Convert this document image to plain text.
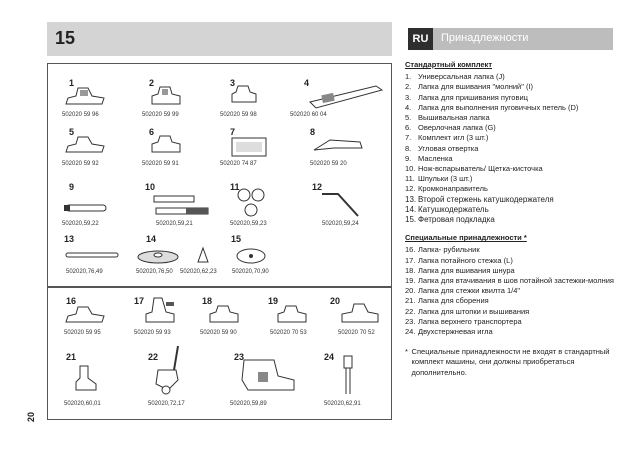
15	RU	Принадлежности
1
502020 59 96
2
502020 59 99
3
502020 59 98
4
502020 60 04
5
502020 59 92
6
502020 59 91
7
502020 74 87
8
502020 59 20
9
502020,59,22
10
502020,59,21
11
502020,59,23
12
502020,59,24
13
502020,76,49
14
502020,76,50 502020,62,23
15
502020,70,90
16
502020 59 95
17
502020 59 93
18
502020 59 90
19
502020 70 53
20
502020 70 52
21
502020,60,01
22
502020,72,17
23
502020,59,89
24
502020,62,91
20
Стандартный комплект
1. Универсальная лапка (J)
2. Лапка для вшивания "молний" (I)
3. Лапка для пришивания пуговиц
4. Лапка для выполнения пуговичных петель (D)
5. Вышивальная лапка
6. Оверлочная лапка (G)
7. Комплект игл (3 шт.)
8. Угловая отвертка
9. Масленка
10. Нож-вспарыватель/ Щетка-кисточка
11. Шпульки (3 шт.)
12. Кромконаправитель
13. Второй стержень катушкодержателя
14. Катушкодержатель
15. Фетровая подкладка
Специальные принадлежности *
16. Лапка- рубильник
17. Лапка потайного стежка (L)
18. Лапка для вшивания шнура
19. Лапка для втачивания в шов потайной застежки-молния
20. Лапка для стежки квилта 1/4"
21. Лапка для сборения
22. Лапка для штопки и вышивания
23. Лапка верхнего транспортера
24. Двухстержневая игла
* Специальные принадлежности не входят в стандартный комплект машины, они должны приобретаться дополнительно.
